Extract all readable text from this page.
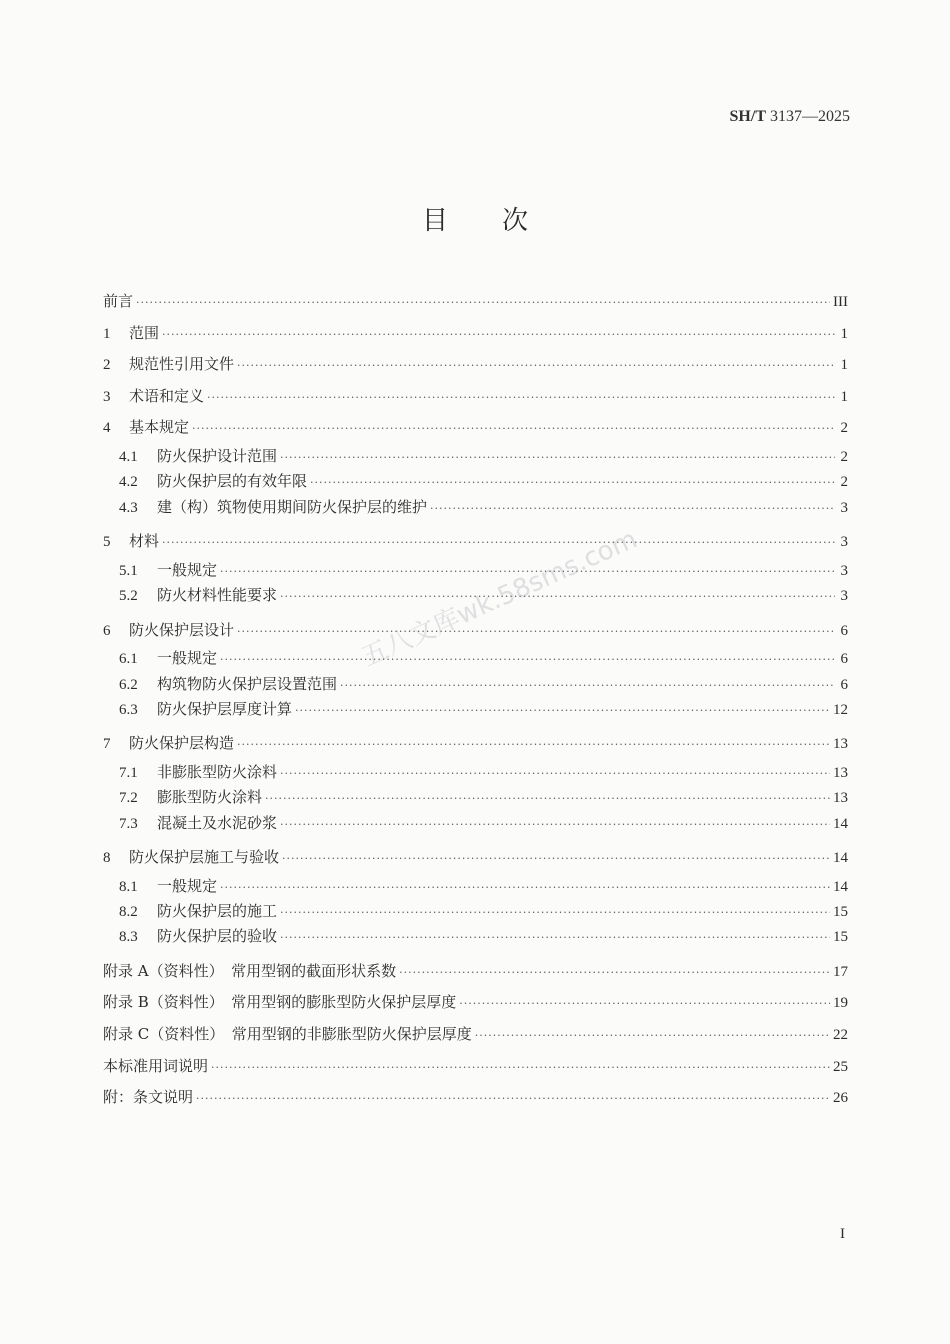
SH/T 3137—2025
目次
前言 ·····	III
1	范围 ·····	1
2	规范性引用文件 ·····	1
3	术语和定义 ·····	1
4	基本规定 ·····	2
4.1	防火保护设计范围 ·····	2
4.2	防火保护层的有效年限 ·····	2
4.3	建（构）筑物使用期间防火保护层的维护 ·····	3
5	材料 ·····	3
5.1	一般规定 ·····	3
5.2	防火材料性能要求 ·····	3
6	防火保护层设计 ·····	6
6.1	一般规定 ·····	6
6.2	构筑物防火保护层设置范围 ·····	6
6.3	防火保护层厚度计算 ·····	12
7	防火保护层构造 ·····	13
7.1	非膨胀型防火涂料 ·····	13
7.2	膨胀型防火涂料 ·····	13
7.3	混凝土及水泥砂浆 ·····	14
8	防火保护层施工与验收 ·····	14
8.1	一般规定 ·····	14
8.2	防火保护层的施工 ·····	15
8.3	防火保护层的验收 ·····	15
附录 A（资料性）　常用型钢的截面形状系数 ·····	17
附录 B（资料性）　常用型钢的膨胀型防火保护层厚度 ·····	19
附录 C（资料性）　常用型钢的非膨胀型防火保护层厚度 ·····	22
本标准用词说明 ·····	25
附：条文说明 ·····	26
五八文库wk.58sms.com
I
